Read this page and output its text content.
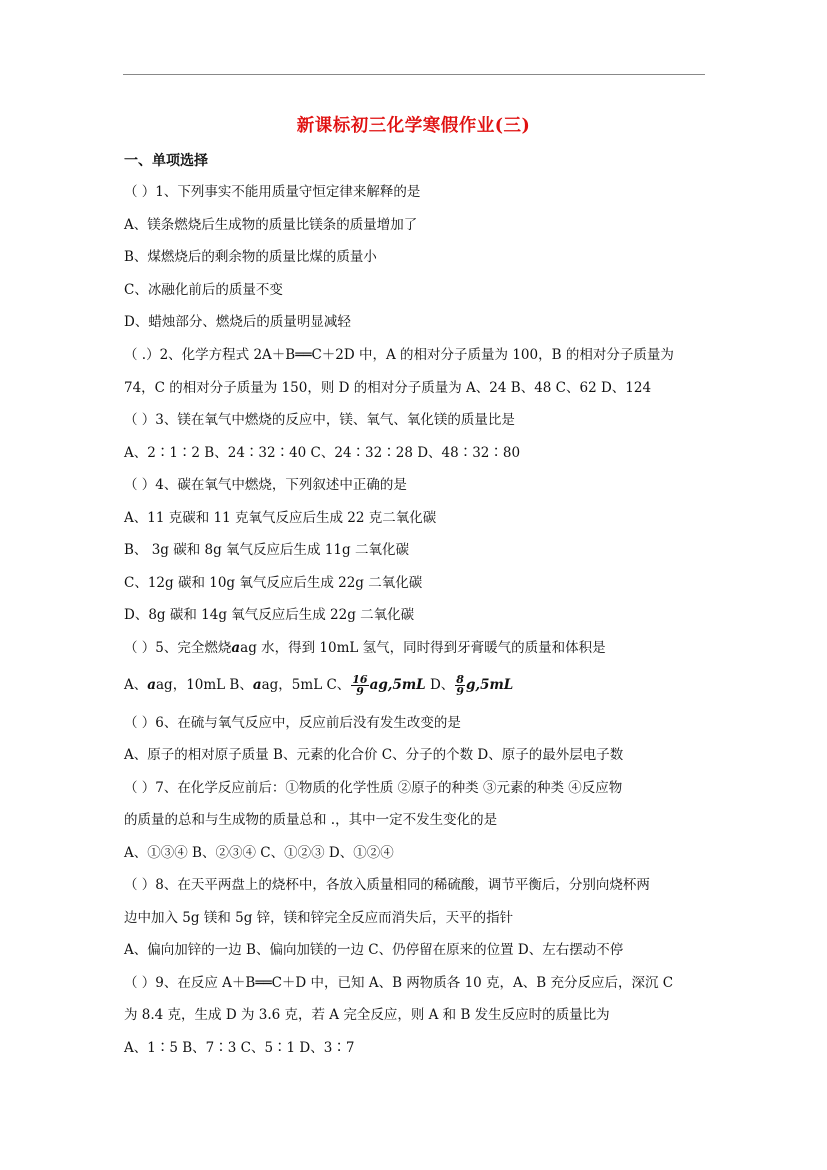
新课标初三化学寒假作业(三)
一、单项选择
（ ）1、下列事实不能用质量守恒定律来解释的是
A、镁条燃烧后生成物的质量比镁条的质量增加了
B、煤燃烧后的剩余物的质量比煤的质量小
C、冰融化前后的质量不变
D、蜡烛部分、燃烧后的质量明显减轻
（ .）2、化学方程式 2A＋B══C＋2D 中，A 的相对分子质量为 100，B 的相对分子质量为
74，C 的相对分子质量为 150，则 D 的相对分子质量为 A、24 B、48 C、62 D、124
（ ）3、镁在氧气中燃烧的反应中，镁、氧气、氧化镁的质量比是
A、2∶1∶2 B、24∶32∶40 C、24∶32∶28 D、48∶32∶80
（ ）4、碳在氧气中燃烧，下列叙述中正确的是
A、11 克碳和 11 克氧气反应后生成 22 克二氧化碳
B、 3g 碳和 8g 氧气反应后生成 11g 二氧化碳
C、12g 碳和 10g 氧气反应后生成 22g 二氧化碳
D、8g 碳和 14g 氧气反应后生成 22g 二氧化碳
（ ）5、完全燃烧aag 水，得到 10mL 氢气，同时得到牙膏暖气的质量和体积是
A、aag，10mL B、aag，5mL C、 $\frac{16}{9} ag,5mL$ D、 $\frac{8}{9} g,5mL$
（ ）6、在硫与氧气反应中，反应前后没有发生改变的是
A、原子的相对原子质量 B、元素的化合价 C、分子的个数 D、原子的最外层电子数
（ ）7、在化学反应前后：①物质的化学性质 ②原子的种类 ③元素的种类 ④反应物
的质量的总和与生成物的质量总和 .，其中一定不发生变化的是
A、①③④ B、②③④ C、①②③ D、①②④
（ ）8、在天平两盘上的烧杯中，各放入质量相同的稀硫酸，调节平衡后，分别向烧杯两
边中加入 5g 镁和 5g 锌，镁和锌完全反应而消失后，天平的指针
A、偏向加锌的一边 B、偏向加镁的一边 C、仍停留在原来的位置 D、左右摆动不停
（ ）9、在反应 A＋B══C＋D 中，已知 A、B 两物质各 10 克，A、B 充分反应后，深沉 C
为 8.4 克，生成 D 为 3.6 克，若 A 完全反应，则 A 和 B 发生反应时的质量比为
A、1∶5 B、7∶3 C、5∶1 D、3∶7
